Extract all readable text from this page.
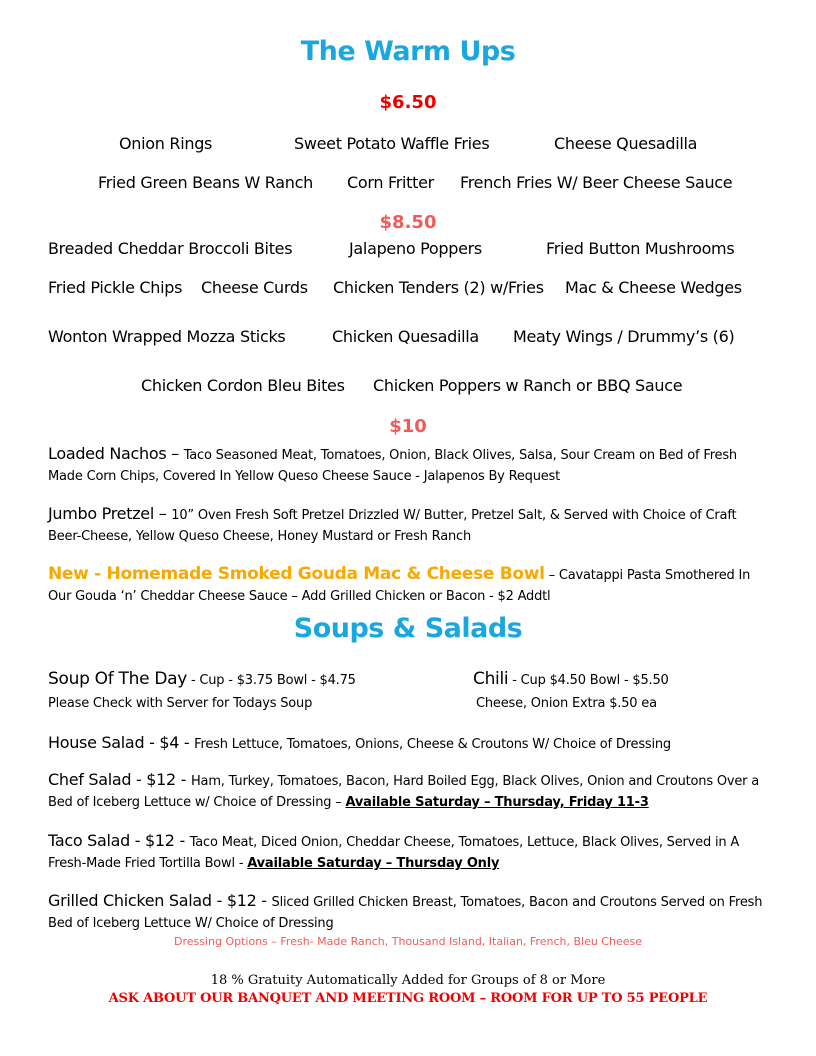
The Warm Ups
$6.50
Onion Rings	Sweet Potato Waffle Fries	Cheese Quesadilla
Fried Green Beans W Ranch Corn Fritter French Fries W/ Beer Cheese Sauce
$8.50
Breaded Cheddar Broccoli Bites	Jalapeno Poppers	Fried Button Mushrooms
Fried Pickle Chips Cheese Curds Chicken Tenders (2) w/Fries Mac & Cheese Wedges
Wonton Wrapped Mozza Sticks	Chicken Quesadilla Meaty Wings / Drummy’s (6)
Chicken Cordon Bleu Bites Chicken Poppers w Ranch or BBQ Sauce
$10
Loaded Nachos – Taco Seasoned Meat, Tomatoes, Onion, Black Olives, Salsa, Sour Cream on Bed of Fresh Made Corn Chips, Covered In Yellow Queso Cheese Sauce - Jalapenos By Request
Jumbo Pretzel – 10” Oven Fresh Soft Pretzel Drizzled W/ Butter, Pretzel Salt, & Served with Choice of Craft Beer-Cheese, Yellow Queso Cheese, Honey Mustard or Fresh Ranch
New - Homemade Smoked Gouda Mac & Cheese Bowl – Cavatappi Pasta Smothered In Our Gouda ‘n’ Cheddar Cheese Sauce – Add Grilled Chicken or Bacon - $2 Addtl
Soups & Salads
Soup Of The Day - Cup - $3.75 Bowl - $4.75
Please Check with Server for Todays Soup
Chili - Cup $4.50 Bowl - $5.50
Cheese, Onion Extra $.50 ea
House Salad - $4 - Fresh Lettuce, Tomatoes, Onions, Cheese & Croutons W/ Choice of Dressing
Chef Salad - $12 - Ham, Turkey, Tomatoes, Bacon, Hard Boiled Egg, Black Olives, Onion and Croutons Over a Bed of Iceberg Lettuce w/ Choice of Dressing – Available Saturday – Thursday, Friday 11-3
Taco Salad - $12 - Taco Meat, Diced Onion, Cheddar Cheese, Tomatoes, Lettuce, Black Olives, Served in A Fresh-Made Fried Tortilla Bowl - Available Saturday – Thursday Only
Grilled Chicken Salad - $12 - Sliced Grilled Chicken Breast, Tomatoes, Bacon and Croutons Served on Fresh Bed of Iceberg Lettuce W/ Choice of Dressing
Dressing Options – Fresh- Made Ranch, Thousand Island, Italian, French, Bleu Cheese
18 % Gratuity Automatically Added for Groups of 8 or More
ASK ABOUT OUR BANQUET AND MEETING ROOM – ROOM FOR UP TO 55 PEOPLE
